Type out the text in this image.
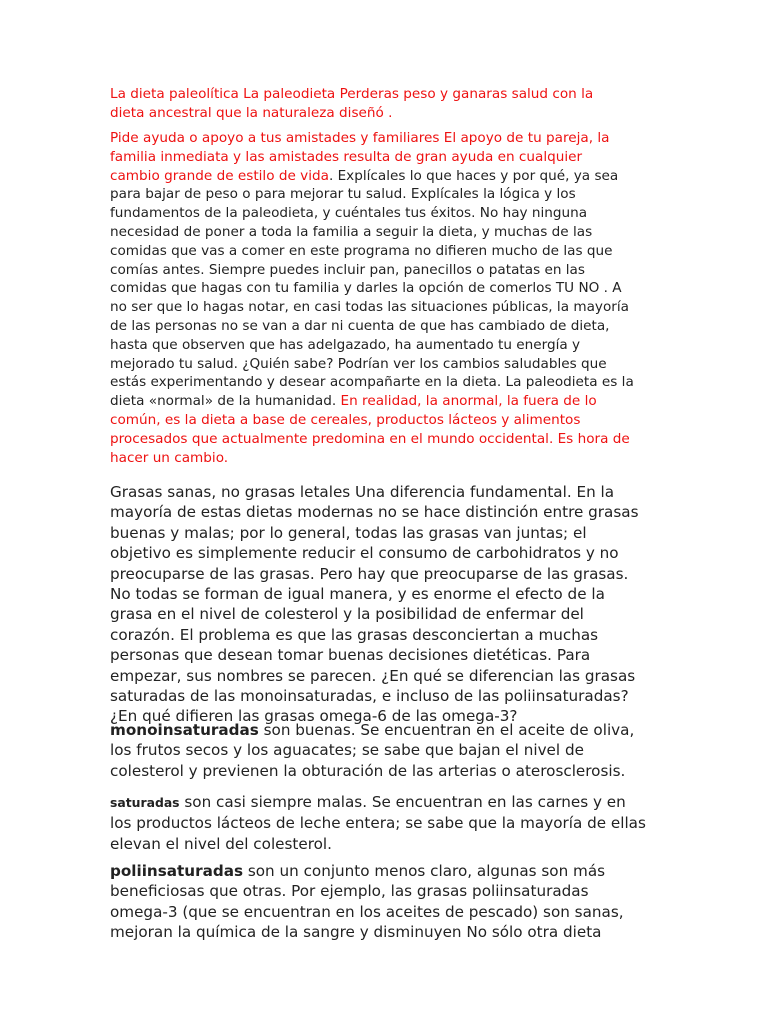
La dieta paleolítica La paleodieta Perderas peso y ganaras salud con la
dieta ancestral que la naturaleza diseñó .

Pide ayuda o apoyo a tus amistades y familiares El apoyo de tu pareja, la
familia inmediata y las amistades resulta de gran ayuda en cualquier
cambio grande de estilo de vida. Explícales lo que haces y por qué, ya sea
para bajar de peso o para mejorar tu salud. Explícales la lógica y los
fundamentos de la paleodieta, y cuéntales tus éxitos. No hay ninguna
necesidad de poner a toda la familia a seguir la dieta, y muchas de las
comidas que vas a comer en este programa no difieren mucho de las que
comías antes. Siempre puedes incluir pan, panecillos o patatas en las
comidas que hagas con tu familia y darles la opción de comerlos TU NO . A
no ser que lo hagas notar, en casi todas las situaciones públicas, la mayoría
de las personas no se van a dar ni cuenta de que has cambiado de dieta,
hasta que observen que has adelgazado, ha aumentado tu energía y
mejorado tu salud. ¿Quién sabe? Podrían ver los cambios saludables que
estás experimentando y desear acompañarte en la dieta. La paleodieta es la
dieta «normal» de la humanidad. En realidad, la anormal, la fuera de lo
común, es la dieta a base de cereales, productos lácteos y alimentos
procesados que actualmente predomina en el mundo occidental. Es hora de
hacer un cambio.

Grasas sanas, no grasas letales Una diferencia fundamental. En la
mayoría de estas dietas modernas no se hace distinción entre grasas
buenas y malas; por lo general, todas las grasas van juntas; el
objetivo es simplemente reducir el consumo de carbohidratos y no
preocuparse de las grasas. Pero hay que preocuparse de las grasas.
No todas se forman de igual manera, y es enorme el efecto de la
grasa en el nivel de colesterol y la posibilidad de enfermar del
corazón. El problema es que las grasas desconciertan a muchas
personas que desean tomar buenas decisiones dietéticas. Para
empezar, sus nombres se parecen. ¿En qué se diferencian las grasas
saturadas de las monoinsaturadas, e incluso de las poliinsaturadas?
¿En qué difieren las grasas omega-6 de las omega-3?

monoinsaturadas son buenas. Se encuentran en el aceite de oliva,
los frutos secos y los aguacates; se sabe que bajan el nivel de
colesterol y previenen la obturación de las arterias o aterosclerosis.

saturadas son casi siempre malas. Se encuentran en las carnes y en
los productos lácteos de leche entera; se sabe que la mayoría de ellas
elevan el nivel del colesterol.

poliinsaturadas son un conjunto menos claro, algunas son más
beneficiosas que otras. Por ejemplo, las grasas poliinsaturadas
omega-3 (que se encuentran en los aceites de pescado) son sanas,
mejoran la química de la sangre y disminuyen No sólo otra dieta
